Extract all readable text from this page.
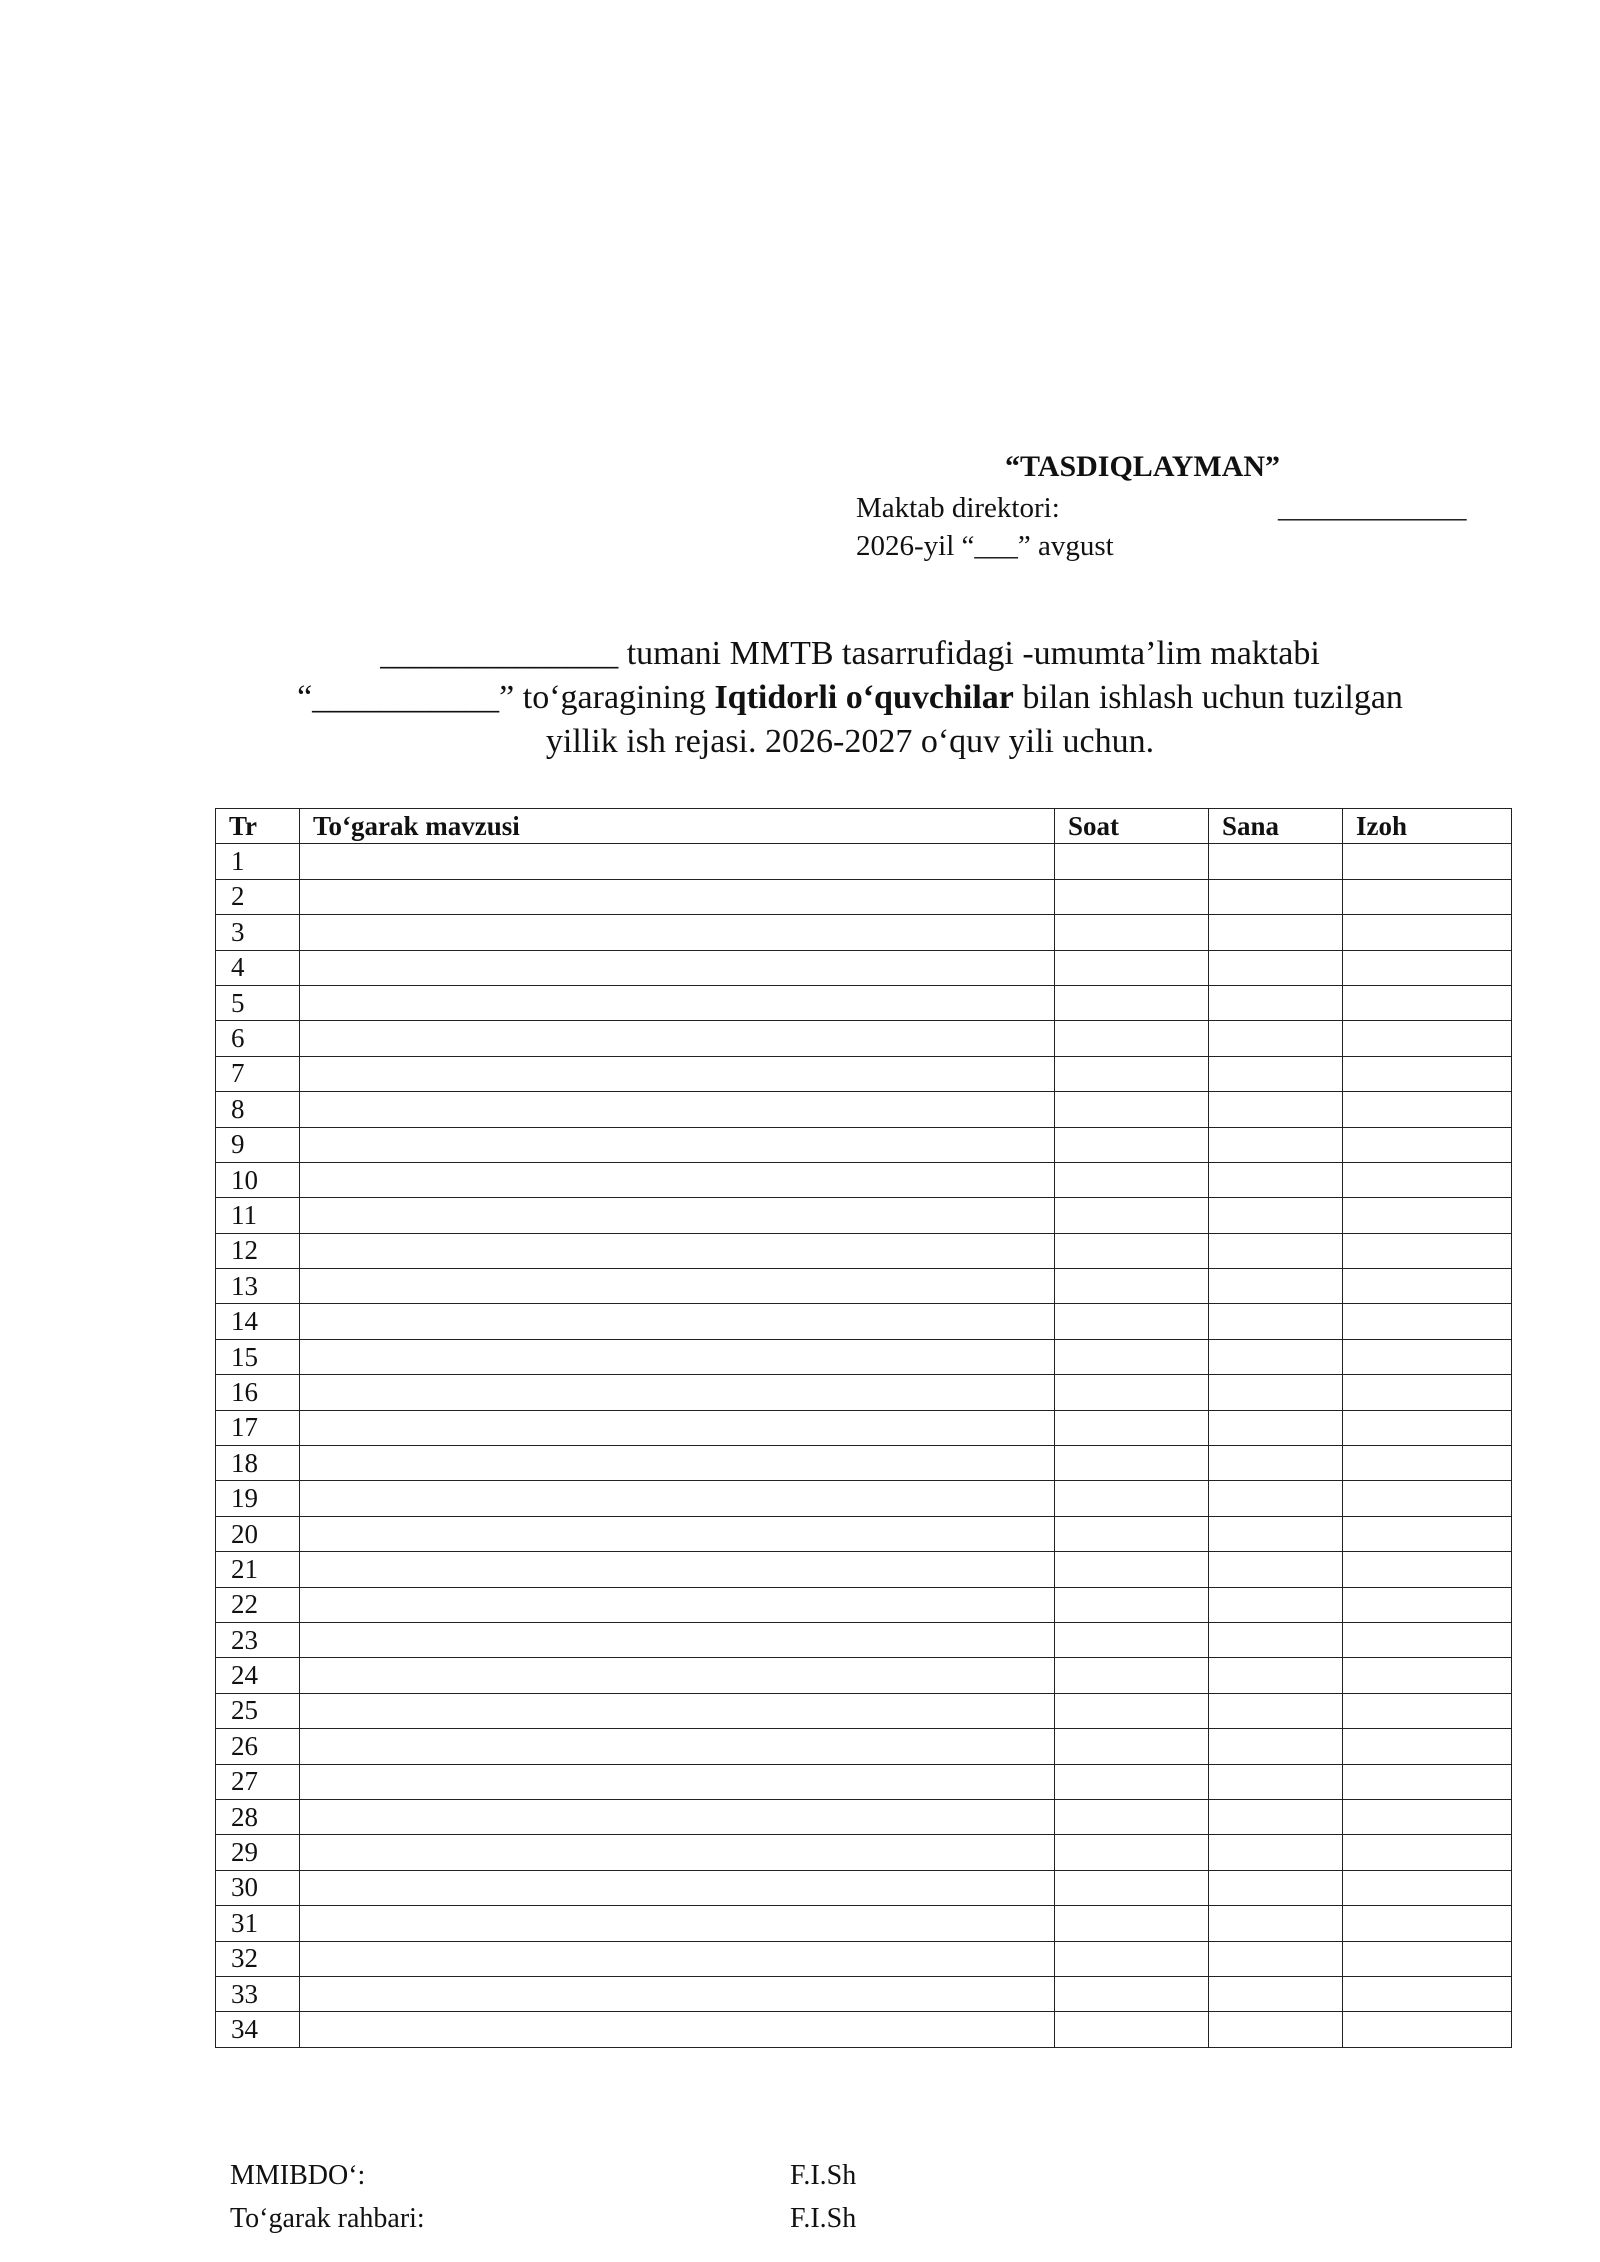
“TASDIQLAYMAN”
Maktab direktori:	_____________
2026-yil “___” avgust
______________ tumani MMTB tasarrufidagi -umumta’lim maktabi
“___________” to‘garagining Iqtidorli o‘quvchilar bilan ishlash uchun tuzilgan
yillik ish rejasi. 2026-2027 o‘quv yili uchun.
Tr	To‘garak mavzusi	Soat	Sana	Izoh
1				
2				
3				
4				
5				
6				
7				
8				
9				
10				
11				
12				
13				
14				
15				
16				
17				
18				
19				
20				
21				
22				
23				
24				
25				
26				
27				
28				
29				
30				
31				
32				
33				
34				
MMIBDO‘:	F.I.Sh
To‘garak rahbari:	F.I.Sh
